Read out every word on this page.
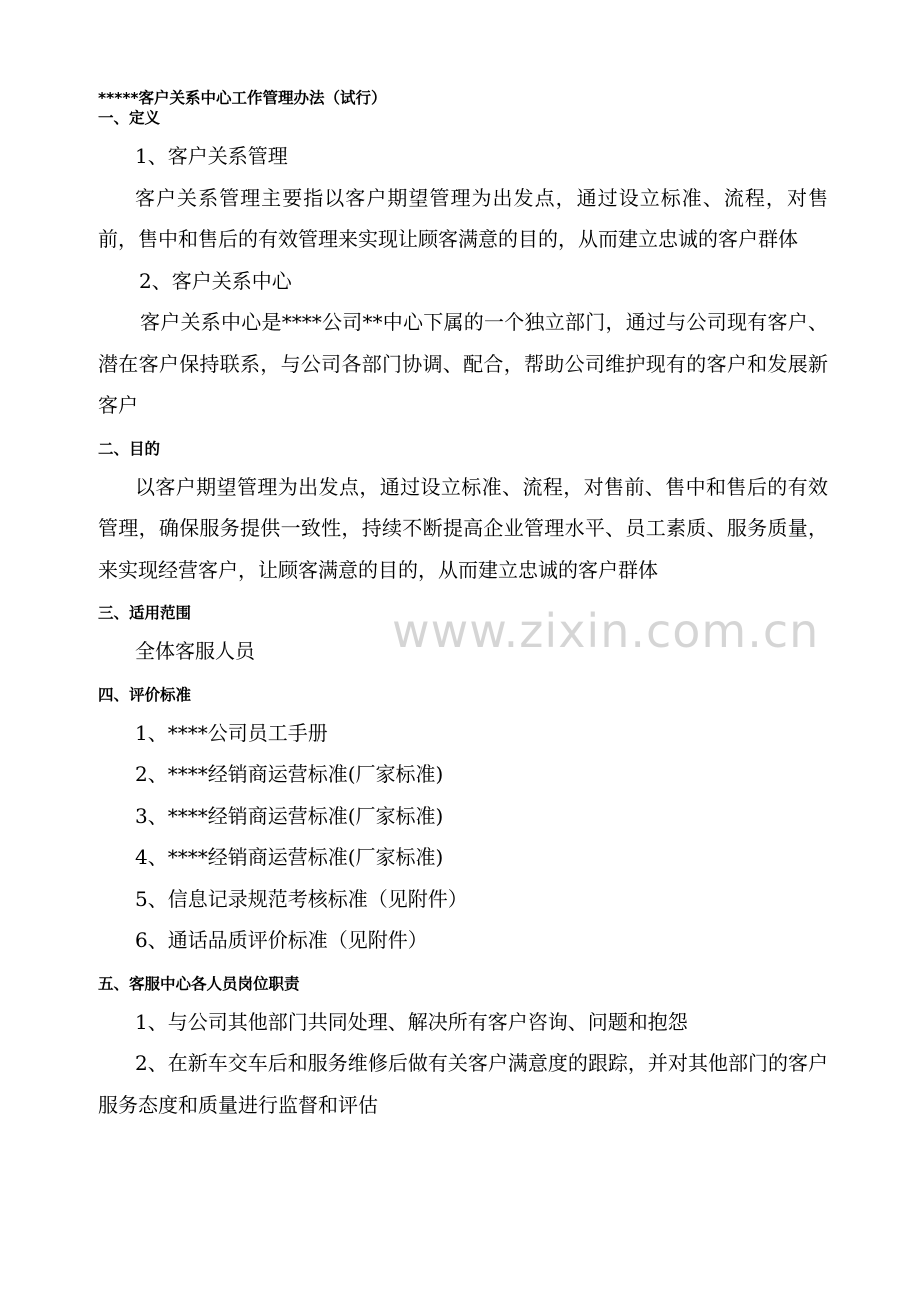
*****客户关系中心工作管理办法（试行）

一、定义

1、客户关系管理

客户关系管理主要指以客户期望管理为出发点，通过设立标准、流程，对售前，售中和售后的有效管理来实现让顾客满意的目的，从而建立忠诚的客户群体

2、客户关系中心

客户关系中心是****公司**中心下属的一个独立部门，通过与公司现有客户、潜在客户保持联系，与公司各部门协调、配合，帮助公司维护现有的客户和发展新客户

二、目的

以客户期望管理为出发点，通过设立标准、流程，对售前、售中和售后的有效管理，确保服务提供一致性，持续不断提高企业管理水平、员工素质、服务质量，来实现经营客户，让顾客满意的目的，从而建立忠诚的客户群体

三、适用范围

全体客服人员

四、评价标准

1、****公司员工手册

2、****经销商运营标准(厂家标准)

3、****经销商运营标准(厂家标准)

4、****经销商运营标准(厂家标准)

5、信息记录规范考核标准（见附件）

6、通话品质评价标准（见附件）

五、客服中心各人员岗位职责

1、与公司其他部门共同处理、解决所有客户咨询、问题和抱怨

2、在新车交车后和服务维修后做有关客户满意度的跟踪，并对其他部门的客户服务态度和质量进行监督和评估

www.zixin.com.cn
